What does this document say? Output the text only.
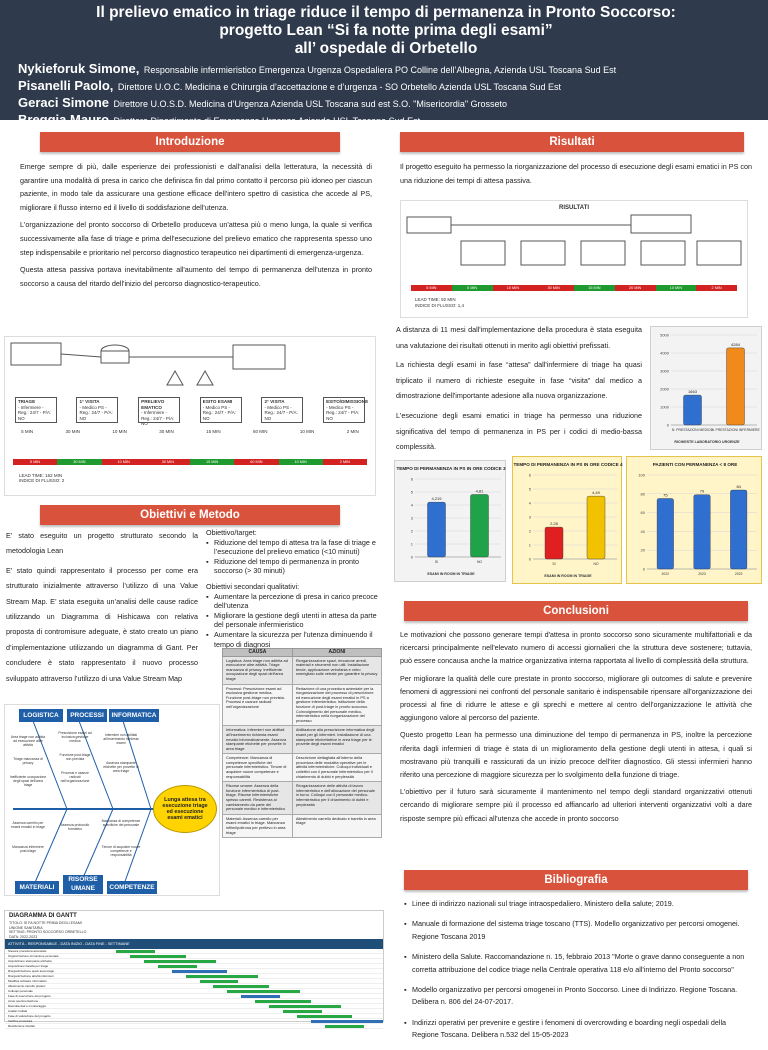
Il prelievo ematico in triage riduce il tempo di permanenza in Pronto Soccorso:
progetto Lean “Si fa notte prima degli esami”
all’ ospedale di Orbetello
Nykieforuk Simone, Responsabile infermieristico Emergenza Urgenza Ospedaliera PO Colline dell’Albegna, Azienda USL Toscana Sud Est
Pisanelli Paolo, Direttore U.O.C. Medicina e Chirurgia d’accettazione e d’urgenza - SO Orbetello Azienda USL Toscana Sud Est
Geraci Simone Direttore U.O.S.D. Medicina d’Urgenza Azienda USL Toscana sud est S.O. "Misericordia" Grosseto
Breggia Mauro Direttore Dipartimento di Emergenza Urgenza Azienda USL Toscana Sud Est
Introduzione

Emerge sempre di più, dalle esperienze dei professionisti e dall'analisi della letteratura, la necessità di garantire una modalità di presa in carico che definisca fin dal primo contatto il percorso più idoneo per ciascun paziente, in modo tale da assicurare una gestione efficace dell'intero spettro di casistica che accede al PS, migliorare il flusso interno ed il livello di soddisfazione dell'utenza.

L'organizzazione del pronto soccorso di Orbetello produceva un'attesa più o meno lunga, la quale si verifica successivamente alla fase di triage e prima dell'esecuzione del prelievo ematico che rappresenta spesso uno step indispensabile e prioritario nel percorso diagnostico terapeutico nei dipartimenti di emergenza-urgenza.

Questa attesa passiva portava inevitabilmente all'aumento del tempo di permanenza dell'utenza in pronto soccorso a causa del ritardo dell'inizio del percorso diagnostico-terapeutico.

TRIAGE
- Infermiere - Reg.: 24/7 - P/A: NO
1° VISITA
- Medico PS - Reg.: 24/7 - P/A: NO
PRELIEVO EMATICO
- Infermiere - Reg.: 24/7 - P/A: NO
ESITO ESAMI
- Medico PS - Reg.: 24/7 - P/A: NO
2° VISITA
- Medico PS - Reg.: 24/7 - P/A: NO
ESITO/DIMISSIONE
- Medico PS - Reg.: 24/7 - P/A: NO
5 MIN	30 MIN	10 MIN	30 MIN	15 MIN	60 MIN	10 MIN	2 MIN
5 MIN	30 MIN	10 MIN	30 MIN	15 MIN	60 MIN	10 MIN	2 MIN
LEAD TIME: 162 MIN
INDICE DI FLUSSO: 2
Obiettivi e Metodo

E’ stato eseguito un progetto strutturato secondo la metodologia Lean

E’ stato quindi rappresentato il processo per come era strutturato inizialmente attraverso l’utilizzo di una Value Stream Map. E’ stata eseguita un’analisi delle cause radice utilizzando un Diagramma di Hishicawa con relativa proposta di contromisure adeguate, è stato creato un piano d’implementazione utilizzando un diagramma di Gant. Per concludere è stato rappresentato il nuovo processo sviluppato attraverso l’utilizzo di una Value Stream Map

Obiettivo/target:
▪ Riduzione del tempo di attesa tra la fase di triage e l’esecuzione del prelievo ematico (<10 minuti)
▪ Riduzione del tempo di permanenza in pronto soccorso (> 30 minuti)
Obiettivi secondari qualitativi:
▪ Aumentare la percezione di presa in carico precoce dell’utenza
▪ Migliorare la gestione degli utenti in attesa da parte del personale infermieristico
▪ Aumentare la sicurezza per l’utenza diminuendo il tempo di diagnosi
LOGISTICA	PROCESSI	INFORMATICA
MATERIALI
RISORSE UMANE	COMPETENZE
Area triage non adibita ad esecuzione altre attività
Triage mancanza di privacy
Inefficiente occupazione degli spazi dell'area triage
Prescrizione esami ad inclusiva gestione medica
Funzione post-triage non prevista
Processi e usanze radicati nell'organizzazione
Infermieri non abilitati all'inserimento richiesta esami
Assenza stampante etichette per provette in area triage
Assenza carrello per esami ematici in triage
Mancanza infermiere post-triage
Assenza protocollo formativo
Mancanza di competenze specifiche del personale
Timore di acquisire nuove competenze e responsabilità
Lunga attesa tra esecuzione triage ed esecuzione esami ematici
CAUSA	AZIONI
Logistica: Area triage non adibita ad esecuzione altre attività. Triage mancanza di privacy. Inefficiente occupazione degli spazi dell'area triage	Riorganizzazione spazi, rimozione arredi, materiali e strumenti non utili. Installazione tende, applicazione vetrofania e vetro smerigliato sulle vetrate per garantire la privacy
Processi: Prescrizione esami ad esclusiva gestione medica. Funzione post-triage non prevista. Processi e usanze radicati nell'organizzazione	Redazione di una procedura aziendale per la riorganizzazione del processo di prescrizione ed esecuzione degli esami ematici in PS a gestione infermieristica. Istituzione della funzione di post-triage in pronto soccorso. Coinvolgimento del personale medico-infermieristico nella riorganizzazione del processo
Informatica: Infermieri non abilitati all'inserimento richiesta esami ematici informaticamente. Assenza stampante etichette per provette in area triage	Abilitazione alla prescrizione informatica degli esami per gli infermieri. Installazione di una stampante etichettatrice in area triage per le provette degli esami ematici
Competenze: Mancanza di competenze specifiche del personale infermieristico. Timore di acquisire nuove competenze e responsabilità	Descrizione dettagliata all'interno della procedura delle modalità operative per le attività infermieristiche. Colloqui individuali e collettivi con il personale infermieristico per il chiarimento di dubbi e perplessità
Risorse umane: Assenza della funzione infermieristica di post-triage. Risorse infermieristiche spesso carenti. Resistenza al cambiamento da parte del personale medico e infermieristico	Riorganizzazione delle attività di lavoro infermieristico e dell'allocazione del personale in turno. Colloqui con il personale medico-infermieristico per il chiarimento di dubbi e perplessità
Materiali: Assenza carrello per esami ematici in triage. Mancanza infilmi/poltrona per prelievo in area triage	Allestimento carrello dedicato e barella in area triage
DIAGRAMMA DI GANTT
TITOLO: SI FA NOTTE PRIMA DEGLI ESAMI
UNIONE SANITARIA
SETTING: PRONTO SOCCORSO ORBETELLO
DATA: 2022-2023
ATTIVITÀ - RESPONSABILE - DATA INIZIO - DATA FINE - SETTIMANE
Stesura procedura aziendale
Organizzazione formazione personale
Acquisizione stampante etichette
Acquisizione barella per triage
Riorganizzazione spazi area triage
Riorganizzazione attività infermieri
Modifica software informatico
Allestimento carrello prelievi
Colloqui personale
Fase di esecuzione del progetto
Avvio sperimentazione
Raccolta dati e monitoraggio
Analisi risultati
Fase di valutazione del progetto
Verifica procedura
Restituzione risultati
Risultati
Il progetto eseguito ha permesso la riorganizzazione del processo di esecuzione degli esami ematici in PS con una riduzione dei tempi di attesa passiva.
RISULTATI
5 MIN	5 MIN	10 MIN	30 MIN	15 MIN	20 MIN	10 MIN	2 MIN
LEAD TIME: 92 MIN
INDICE DI FLUSSO: 1,4

A distanza di 11 mesi dall'implementazione della procedura è stata eseguita una valutazione dei risultati ottenuti in merito agli obiettivi prefissati.

La richiesta degli esami in fase “attesa” dall'infermiere di triage ha quasi triplicato il numero di richieste eseguite in fase “visita” dal medico a dimostrazione dell'importante adesione alla nuova organizzazione.

L'esecuzione degli esami ematici in triage ha permesso una riduzione significativa del tempo di permanenza in PS per i codici di medio-bassa complessità.

0
1000
2000
3000
4000
5000
1663
N. PRESTAZIONI MEDICO
4284
N. PRESTAZIONI INFERMIERE
RICHIESTE LABORATORIO URGENZE
TEMPO DI PERMANENZA IN PS IN ORE CODICE 3
0
1
2
3
4
5
6
4,219
SI
4,81
NO
ESAMI IN ROOM IN TRIAGE
TEMPO DI PERMANENZA IN PS IN ORE CODICE 4
0
1
2
3
4
5
6
2,28
SI
4,49
NO
ESAMI IN ROOM IN TRIAGE
PAZIENTI CON PERMANENZA < 8 ORE
0
20
40
60
80
100
75
2022
79
2023
84
2023
Conclusioni

Le motivazioni che possono generare tempi d'attesa in pronto soccorso sono sicuramente multifattoriali e da ricercarsi principalmente nell'elevato numero di accessi giornalieri che la struttura deve sostenere; tuttavia, può essere concausa anche la matrice organizzativa interna rapportata al livello di complessità della struttura.

Per migliorare la qualità delle cure prestate in pronto soccorso, migliorare gli outcomes di salute e prevenire fenomeni di aggressioni nei confronti del personale sanitario è indispensabile ripensare all'organizzazione dei processi al fine di ridurre le attese e gli sprechi e mettere al centro dell'organizzazione le attività che aggiungono valore al percorso del paziente.

Questo progetto Lean ha permesso una diminuzione del tempo di permanenza in PS, inoltre la percezione riferita dagli infermieri di triage è stata di un miglioramento della gestione degli utenti in attesa, i quali si mostravano più tranquilli e rassicurati da un inizio precoce dell'iter diagnostico. Gli stessi infermieri hanno riferito una percezione di maggiore sicurezza per lo svolgimento della funzione di triage.

L'obiettivo per il futuro sarà sicuramente il mantenimento nel tempo degli standard organizzativi ottenuti cercando di migliorare sempre più il processo ed affiancarlo ad ulteriori interventi organizzativi volti a dare risposte sempre più efficaci all'utenza che accede in pronto soccorso

Bibliografia
▪ Linee di indirizzo nazionali sul triage intraospedaliero. Ministero della salute; 2019.
▪ Manuale di formazione del sistema triage toscano (TTS). Modello organizzativo per percorsi omogenei. Regione Toscana 2019
▪ Ministero della Salute. Raccomandazione n. 15, febbraio 2013 "Morte o grave danno conseguente a non corretta attribuzione del codice triage nella Centrale operativa 118 e/o all'interno del Pronto soccorso"
▪ Modello organizzativo per percorsi omogenei in Pronto Soccorso. Linee di Indirizzo. Regione Toscana. Delibera n. 806 del 24-07-2017.
▪ Indirizzi operativi per prevenire e gestire i fenomeni di overcrowding e boarding negli ospedali della Regione Toscana. Delibera n.532 del 15-05-2023
